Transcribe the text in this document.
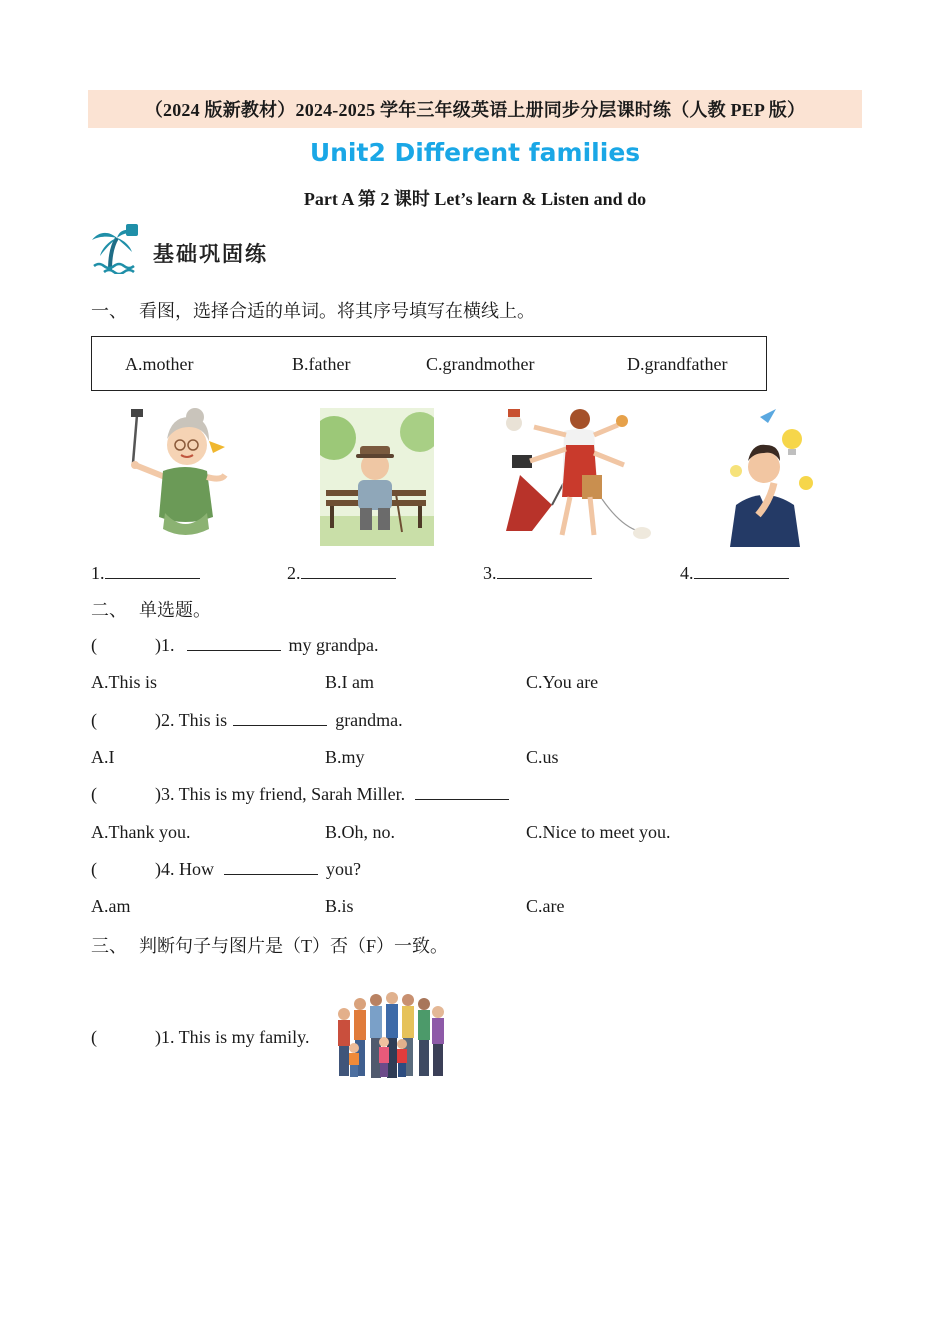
（2024 版新教材）2024-2025 学年三年级英语上册同步分层课时练（人教 PEP 版）
Unit2 Different families
Part A 第 2 课时 Let’s learn & Listen and do
基础巩固练
一、 看图，选择合适的单词。将其序号填写在横线上。
A.mother	B.father	C.grandmother	D.grandfather
1.	2.	3.	4.
二、 单选题。
(	)1.	my grandpa.
A.This is	B.I am	C.You are
(	)2. This is	grandma.
A.I	B.my	C.us
(	)3. This is my friend, Sarah Miller.
A.Thank you.	B.Oh, no.	C.Nice to meet you.
(	)4. How	you?
A.am	B.is	C.are
三、 判断句子与图片是（T）否（F）一致。
(	)1. This is my family.
